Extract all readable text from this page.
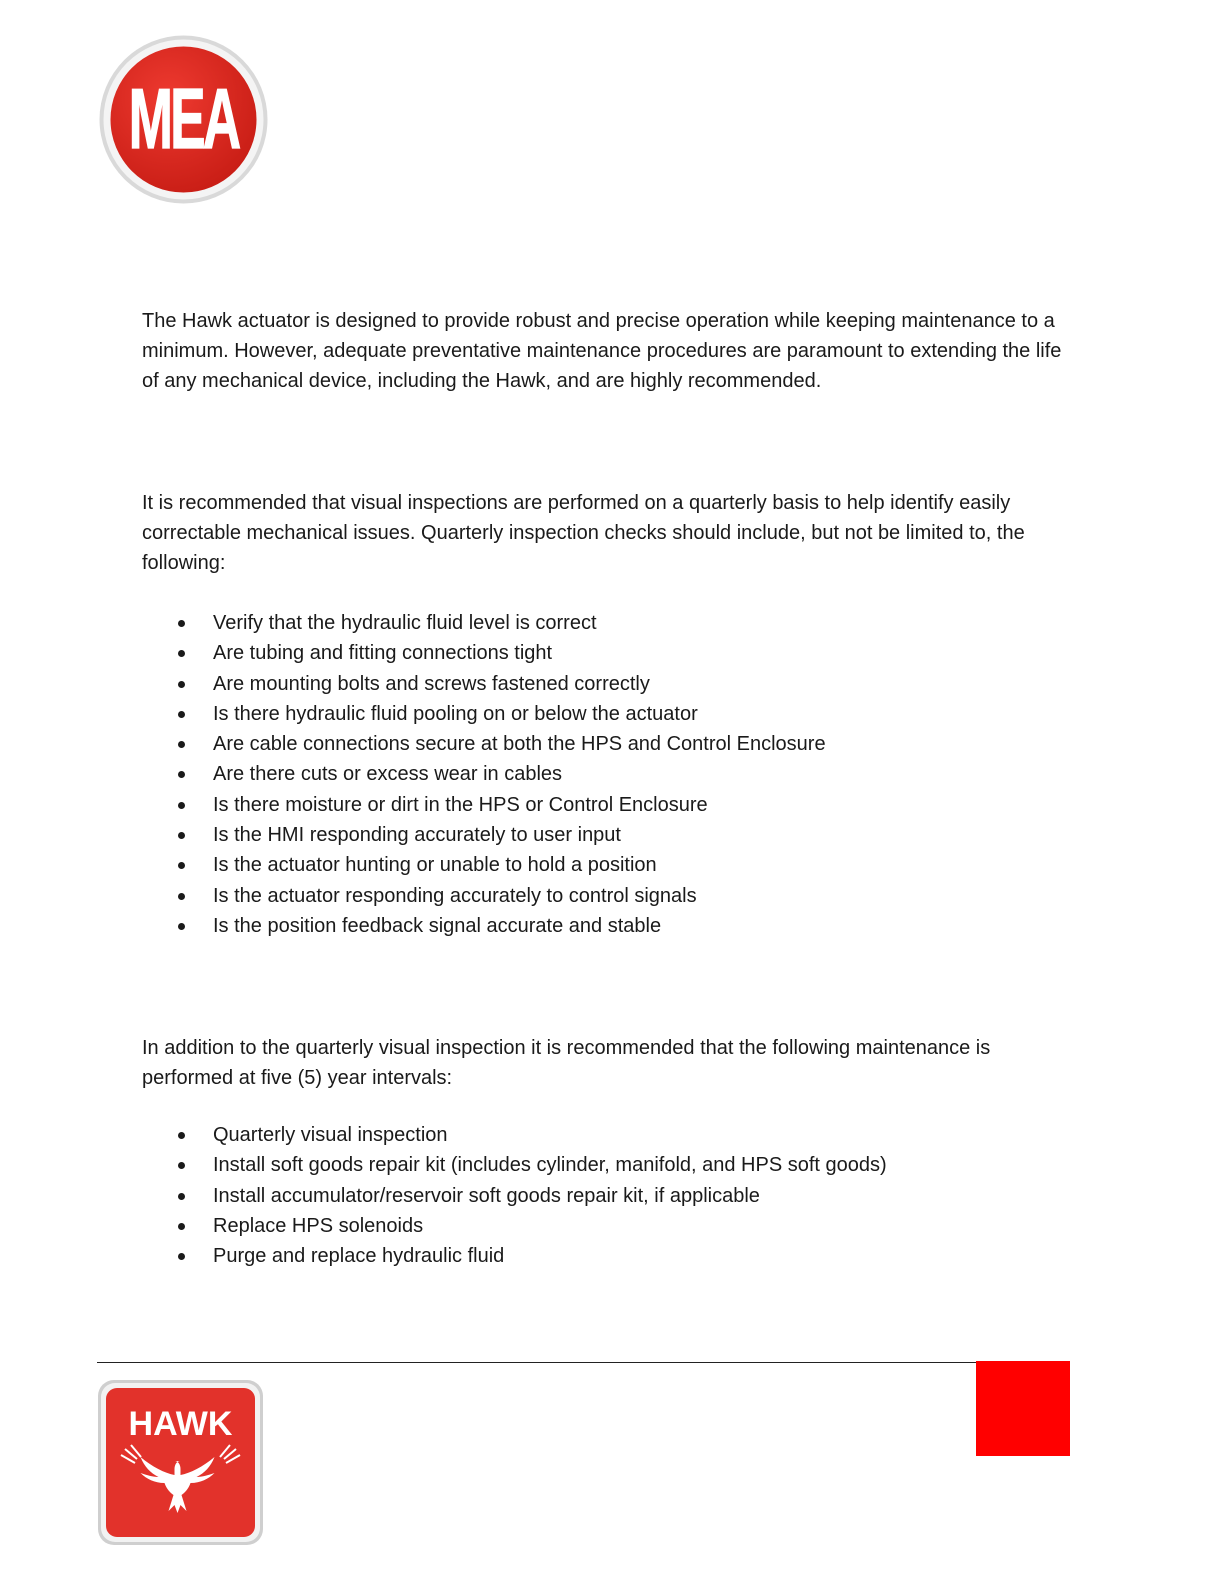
MEA

The Hawk actuator is designed to provide robust and precise operation while keeping maintenance to a minimum. However, adequate preventative maintenance procedures are paramount to extending the life of any mechanical device, including the Hawk, and are highly recommended.

It is recommended that visual inspections are performed on a quarterly basis to help identify easily correctable mechanical issues. Quarterly inspection checks should include, but not be limited to, the following:

Verify that the hydraulic fluid level is correct
Are tubing and fitting connections tight
Are mounting bolts and screws fastened correctly
Is there hydraulic fluid pooling on or below the actuator
Are cable connections secure at both the HPS and Control Enclosure
Are there cuts or excess wear in cables
Is there moisture or dirt in the HPS or Control Enclosure
Is the HMI responding accurately to user input
Is the actuator hunting or unable to hold a position
Is the actuator responding accurately to control signals
Is the position feedback signal accurate and stable

In addition to the quarterly visual inspection it is recommended that the following maintenance is performed at five (5) year intervals:

Quarterly visual inspection
Install soft goods repair kit (includes cylinder, manifold, and HPS soft goods)
Install accumulator/reservoir soft goods repair kit, if applicable
Replace HPS solenoids
Purge and replace hydraulic fluid
HAWK
